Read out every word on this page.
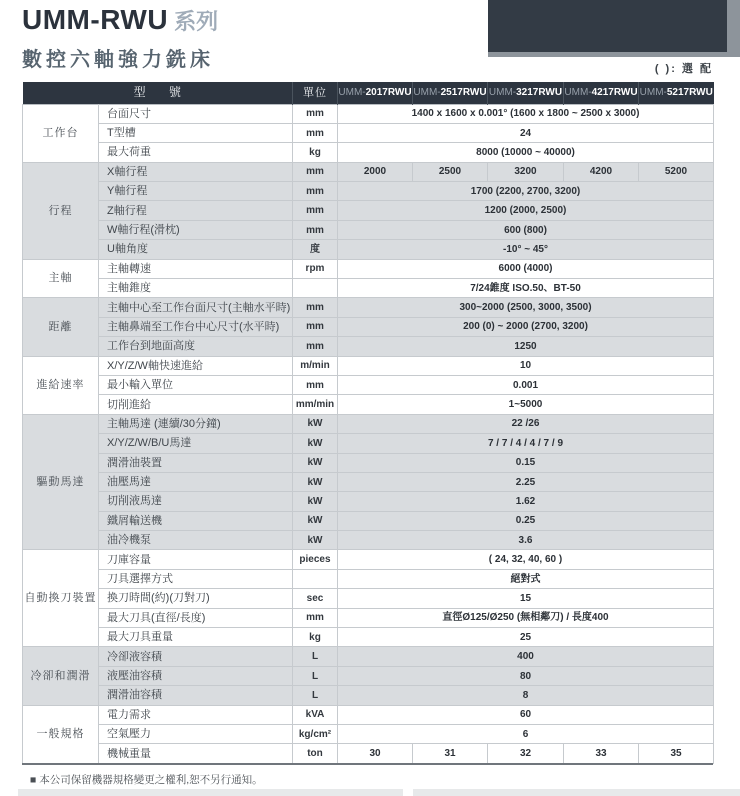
UMM-RWU 系列
數控六軸強力銑床	( ): 選 配
型 號		單位	UMM-2017RWU	UMM-2517RWU	UMM-3217RWU	UMM-4217RWU	UMM-5217RWU
工作台	台面尺寸	mm	1400 x 1600 x 0.001° (1600 x 1800 ~ 2500 x 3000)				
	T型槽	mm	24				
	最大荷重	kg	8000 (10000 ~ 40000)				
行程	X軸行程	mm	2000	2500	3200	4200	5200
	Y軸行程	mm	1700 (2200, 2700, 3200)				
	Z軸行程	mm	1200 (2000, 2500)				
	W軸行程(滑枕)	mm	600 (800)				
	U軸角度	度	-10° ~ 45°				
主軸	主軸轉速	rpm	6000 (4000)				
	主軸錐度		7/24錐度 ISO.50、BT-50				
距離	主軸中心至工作台面尺寸(主軸水平時)	mm	300~2000 (2500, 3000, 3500)				
	主軸鼻端至工作台中心尺寸(水平時)	mm	200 (0) ~ 2000 (2700, 3200)				
	工作台到地面高度	mm	1250				
進給速率	X/Y/Z/W軸快速進給	m/min	10				
	最小輸入單位	mm	0.001				
	切削進給	mm/min	1~5000				
驅動馬達	主軸馬達 (連續/30分鐘)	kW	22 /26				
	X/Y/Z/W/B/U馬達	kW	7 / 7 / 4 / 4 / 7 / 9				
	潤滑油裝置	kW	0.15				
	油壓馬達	kW	2.25				
	切削液馬達	kW	1.62				
	鐵屑輸送機	kW	0.25				
	油冷機泵	kW	3.6				
自動換刀裝置	刀庫容量	pieces	( 24, 32, 40, 60 )				
	刀具選擇方式		絕對式				
	換刀時間(約)(刀對刀)	sec	15				
	最大刀具(直徑/長度)	mm	直徑Ø125/Ø250 (無相鄰刀) / 長度400				
	最大刀具重量	kg	25				
冷卻和潤滑	冷卻液容積	L	400				
	液壓油容積	L	80				
	潤滑油容積	L	8				
一般規格	電力需求	kVA	60				
	空氣壓力	kg/cm²	6				
	機械重量	ton	30	31	32	33	35
■ 本公司保留機器規格變更之權利,恕不另行通知。
